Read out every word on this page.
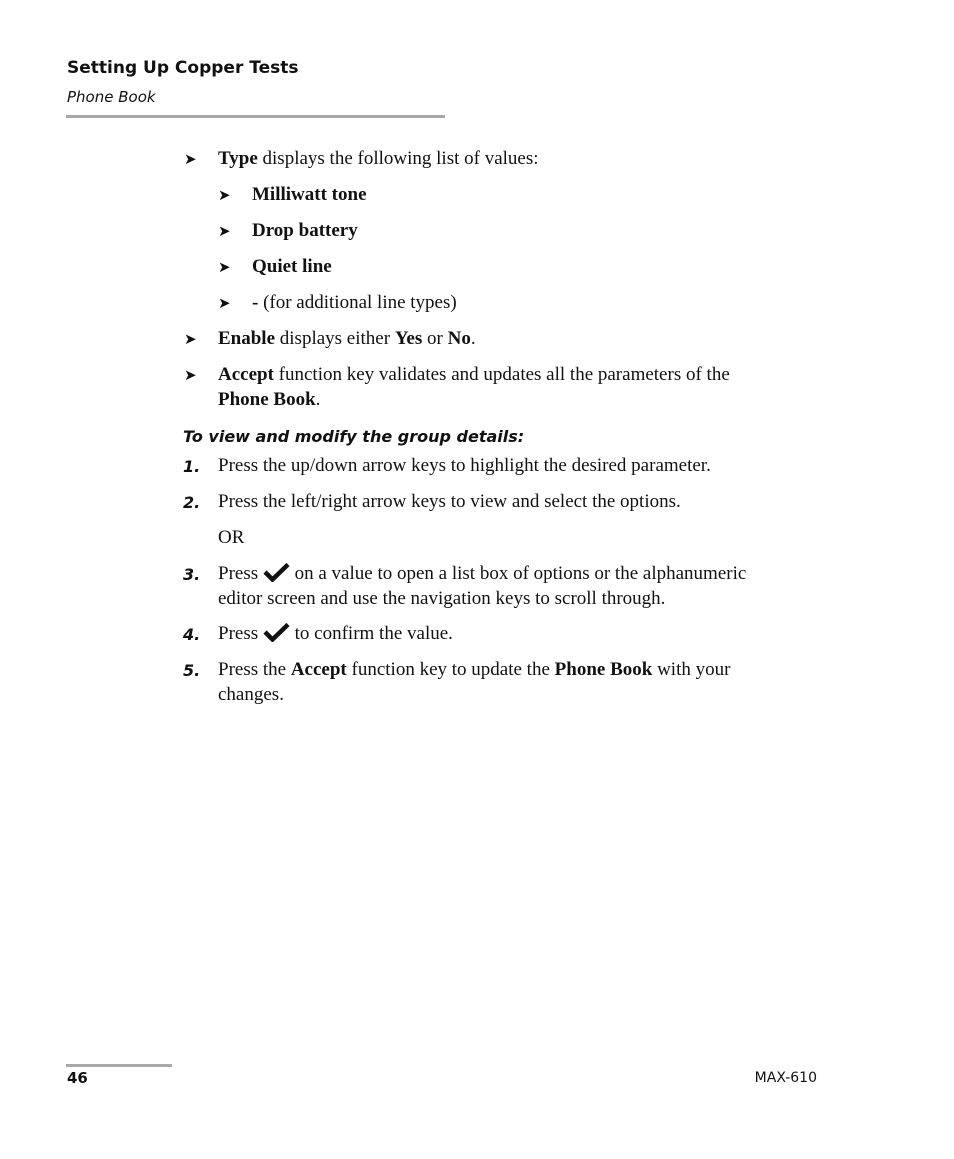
Setting Up Copper Tests
Phone Book
➤ Type displays the following list of values:
➤ Milliwatt tone
➤ Drop battery
➤ Quiet line
➤ - (for additional line types)
➤ Enable displays either Yes or No.
➤ Accept function key validates and updates all the parameters of the
Phone Book.
To view and modify the group details:
1. Press the up/down arrow keys to highlight the desired parameter.
2. Press the left/right arrow keys to view and select the options.
OR
3. Press  on a value to open a list box of options or the alphanumeric
editor screen and use the navigation keys to scroll through.
4. Press  to confirm the value.
5. Press the Accept function key to update the Phone Book with your
changes.
46	MAX-610
